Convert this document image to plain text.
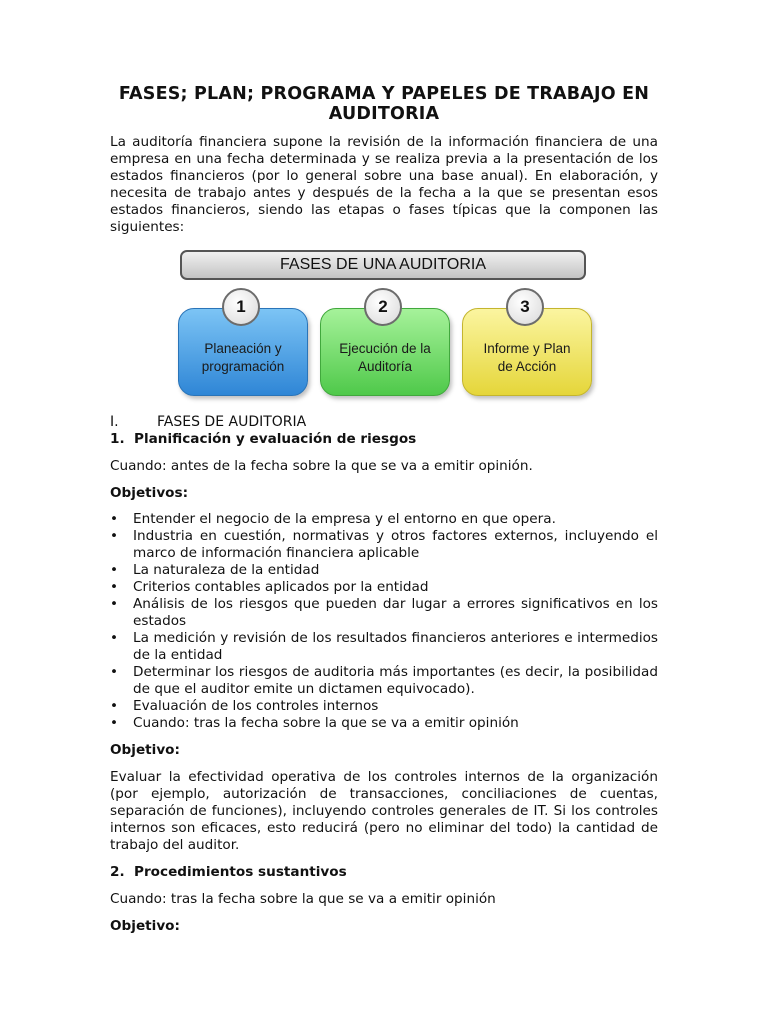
FASES; PLAN; PROGRAMA Y PAPELES DE TRABAJO EN AUDITORIA

La auditoría financiera supone la revisión de la información financiera de una empresa en una fecha determinada y se realiza previa a la presentación de los estados financieros (por lo general sobre una base anual). En elaboración, y necesita de trabajo antes y después de la fecha a la que se presentan esos estados financieros, siendo las etapas o fases típicas que la componen las siguientes:

FASES DE UNA AUDITORIA
1
Planeación y
programación
2
Ejecución de la
Auditoría
3
Informe y Plan
de Acción
I.	FASES DE AUDITORIA
1. Planificación y evaluación de riesgos

Cuando: antes de la fecha sobre la que se va a emitir opinión.

Objetivos:

•	Entender el negocio de la empresa y el entorno en que opera.
•	Industria en cuestión, normativas y otros factores externos, incluyendo el marco de información financiera aplicable
•	La naturaleza de la entidad
•	Criterios contables aplicados por la entidad
•	Análisis de los riesgos que pueden dar lugar a errores significativos en los estados
•	La medición y revisión de los resultados financieros anteriores e intermedios de la entidad
•	Determinar los riesgos de auditoria más importantes (es decir, la posibilidad de que el auditor emite un dictamen equivocado).
•	Evaluación de los controles internos
•	Cuando: tras la fecha sobre la que se va a emitir opinión

Objetivo:

Evaluar la efectividad operativa de los controles internos de la organización (por ejemplo, autorización de transacciones, conciliaciones de cuentas, separación de funciones), incluyendo controles generales de IT. Si los controles internos son eficaces, esto reducirá (pero no eliminar del todo) la cantidad de trabajo del auditor.

2. Procedimientos sustantivos

Cuando: tras la fecha sobre la que se va a emitir opinión

Objetivo:
